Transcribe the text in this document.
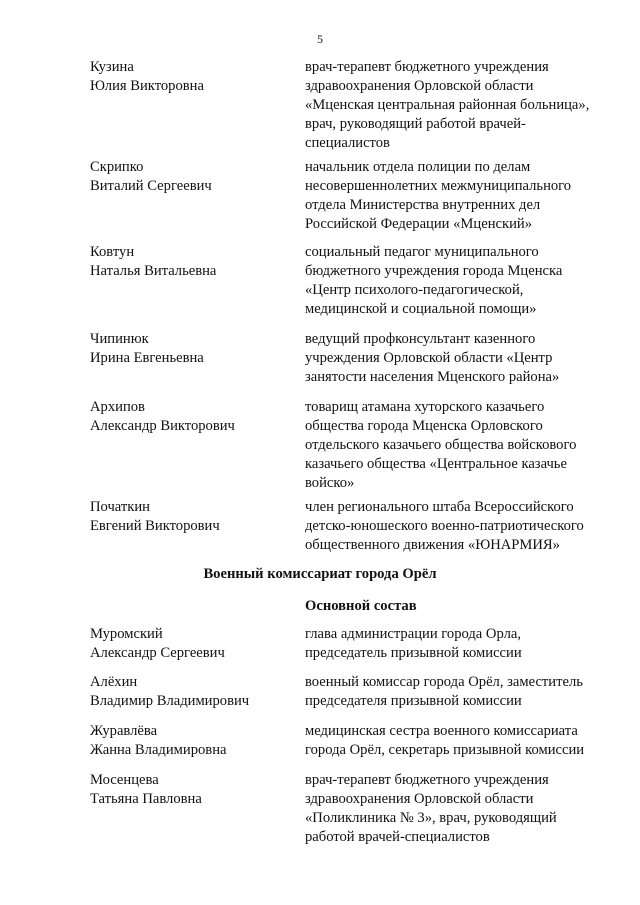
5
Кузина
Юлия Викторовна
врач-терапевт бюджетного учреждения
здравоохранения Орловской области
«Мценская центральная районная больница»,
врач, руководящий работой врачей-
специалистов
Скрипко
Виталий Сергеевич
начальник отдела полиции по делам
несовершеннолетних межмуниципального
отдела Министерства внутренних дел
Российской Федерации «Мценский»
Ковтун
Наталья Витальевна
социальный педагог муниципального
бюджетного учреждения города Мценска
«Центр психолого-педагогической,
медицинской и социальной помощи»
Чипинюк
Ирина Евгеньевна
ведущий профконсультант казенного
учреждения Орловской области «Центр
занятости населения Мценского района»
Архипов
Александр Викторович
товарищ атамана хуторского казачьего
общества города Мценска Орловского
отдельского казачьего общества войскового
казачьего общества «Центральное казачье
войско»
Початкин
Евгений Викторович
член регионального штаба Всероссийского
детско-юношеского военно-патриотического
общественного движения «ЮНАРМИЯ»
Военный комиссариат города Орёл
Основной состав
Муромский
Александр Сергеевич
глава администрации города Орла,
председатель призывной комиссии
Алёхин
Владимир Владимирович
военный комиссар города Орёл, заместитель
председателя призывной комиссии
Журавлёва
Жанна Владимировна
медицинская сестра военного комиссариата
города Орёл, секретарь призывной комиссии
Мосенцева
Татьяна Павловна
врач-терапевт бюджетного учреждения
здравоохранения Орловской области
«Поликлиника № 3», врач, руководящий
работой врачей-специалистов
